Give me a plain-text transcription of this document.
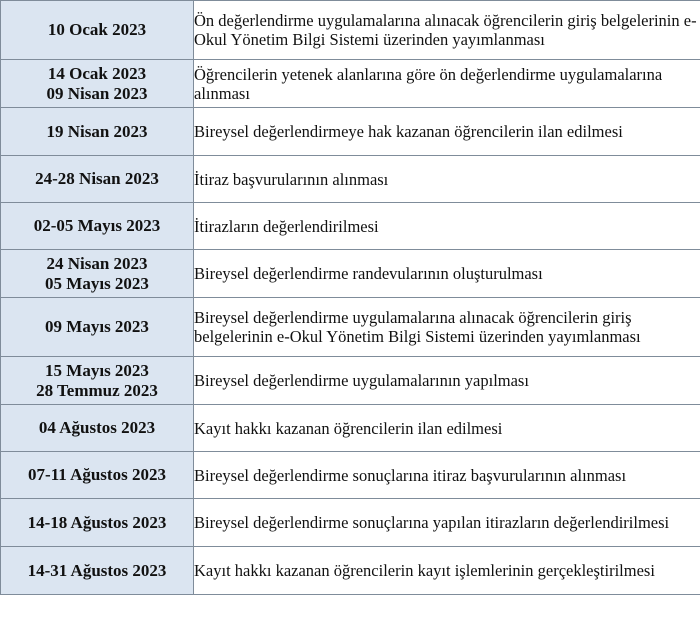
10 Ocak 2023	Ön değerlendirme uygulamalarına alınacak öğrencilerin giriş belgelerinin e-Okul Yönetim Bilgi Sistemi üzerinden yayımlanması

14 Ocak 2023
09 Nisan 2023	Öğrencilerin yetenek alanlarına göre ön değerlendirme uygulamalarına alınması

19 Nisan 2023	Bireysel değerlendirmeye hak kazanan öğrencilerin ilan edilmesi

24-28 Nisan 2023	İtiraz başvurularının alınması

02-05 Mayıs 2023	İtirazların değerlendirilmesi

24 Nisan 2023
05 Mayıs 2023	Bireysel değerlendirme randevularının oluşturulması

09 Mayıs 2023	Bireysel değerlendirme uygulamalarına alınacak öğrencilerin giriş belgelerinin e-Okul Yönetim Bilgi Sistemi üzerinden yayımlanması

15 Mayıs 2023
28 Temmuz 2023	Bireysel değerlendirme uygulamalarının yapılması

04 Ağustos 2023	Kayıt hakkı kazanan öğrencilerin ilan edilmesi

07-11 Ağustos 2023	Bireysel değerlendirme sonuçlarına itiraz başvurularının alınması

14-18 Ağustos 2023	Bireysel değerlendirme sonuçlarına yapılan itirazların değerlendirilmesi

14-31 Ağustos 2023	Kayıt hakkı kazanan öğrencilerin kayıt işlemlerinin gerçekleştirilmesi
